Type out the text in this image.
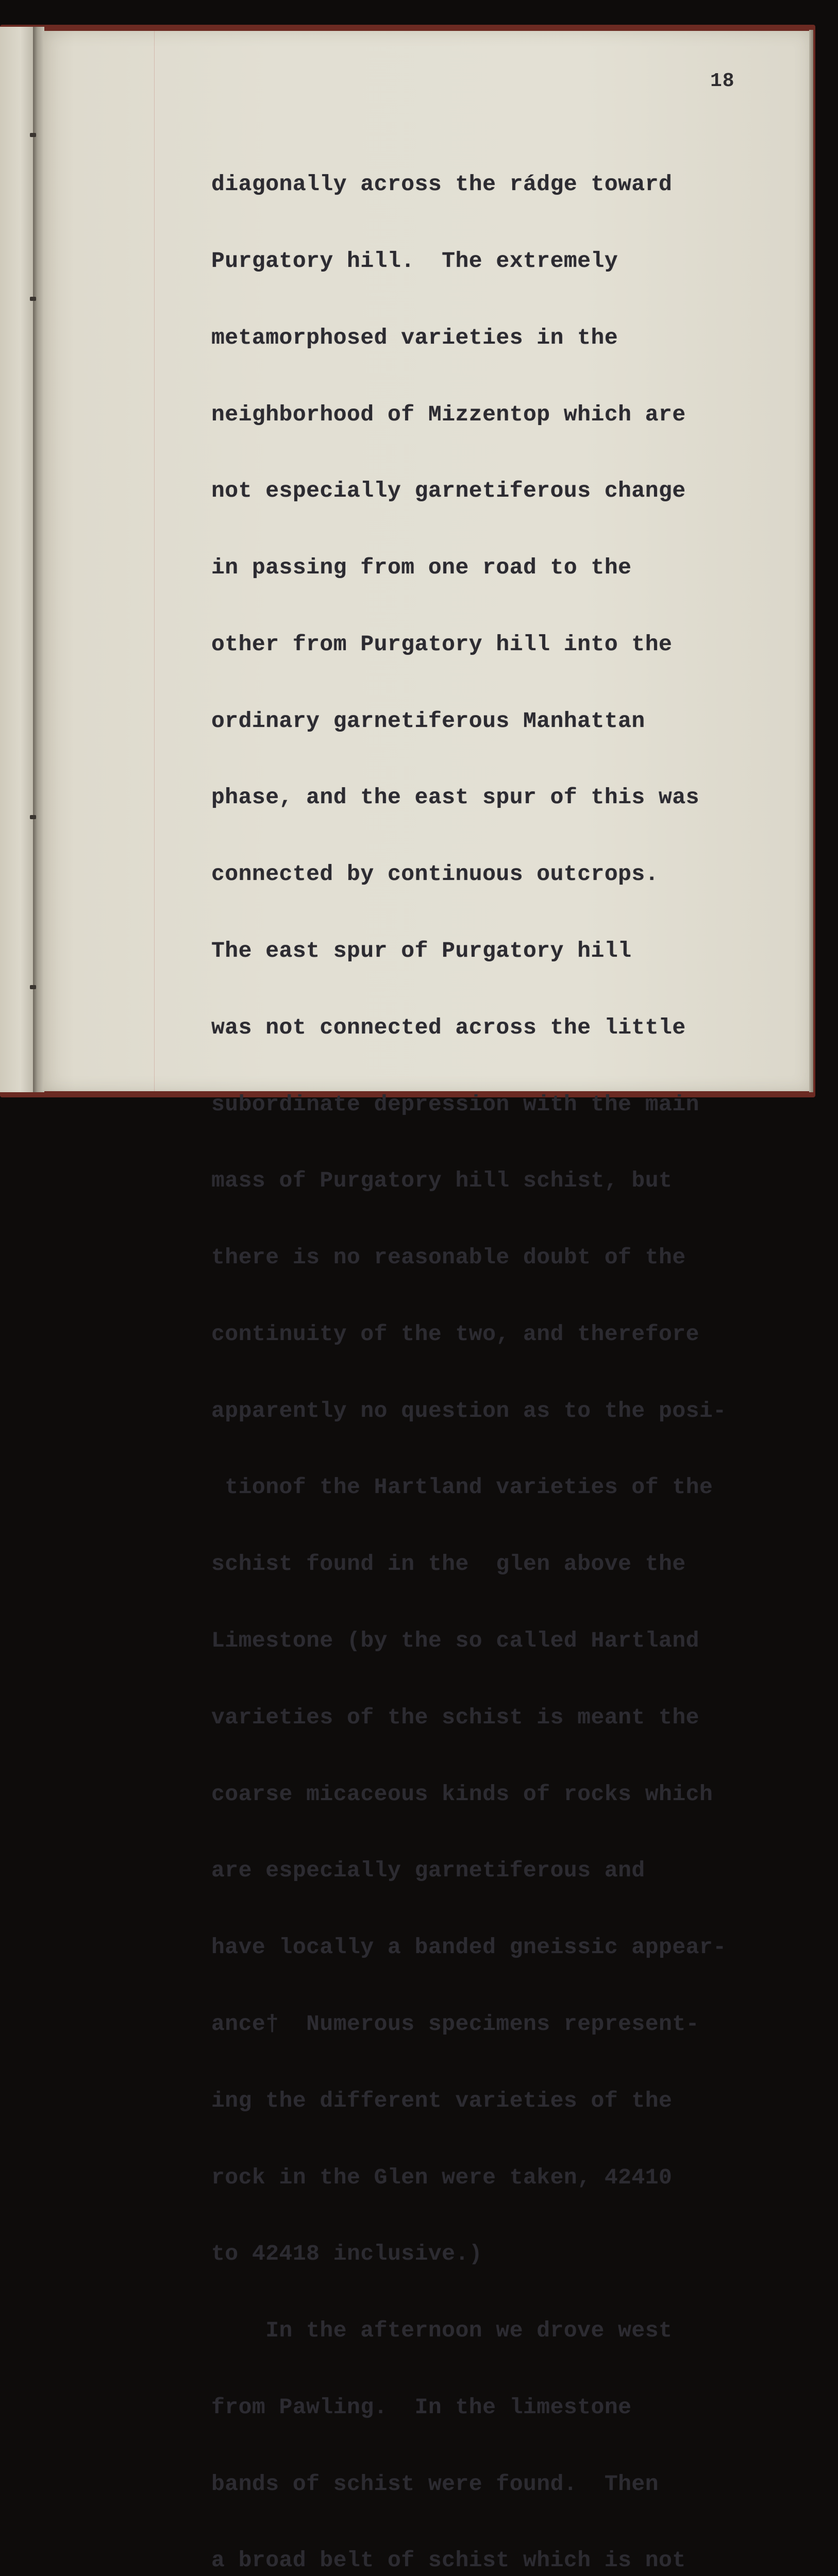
18

diagonally across the rádge toward

Purgatory hill.  The extremely

metamorphosed varieties in the

neighborhood of Mizzentop which are

not especially garnetiferous change

in passing from one road to the

other from Purgatory hill into the

ordinary garnetiferous Manhattan

phase, and the east spur of this was

connected by continuous outcrops.

The east spur of Purgatory hill

was not connected across the little

subordinate depression with the main

mass of Purgatory hill schist, but

there is no reasonable doubt of the

continuity of the two, and therefore

apparently no question as to the posi-

tionof the Hartland varieties of the

schist found in the  glen above the

Limestone (by the so called Hartland

varieties of the schist is meant the

coarse micaceous kinds of rocks which

are especially garnetiferous and

have locally a banded gneissic appear-

ance†  Numerous specimens represent-

ing the different varieties of the

rock in the Glen were taken, 42410

to 42418 inclusive.)

In the afternoon we drove west

from Pawling.  In the limestone

bands of schist were found.  Then

a broad belt of schist which is not
